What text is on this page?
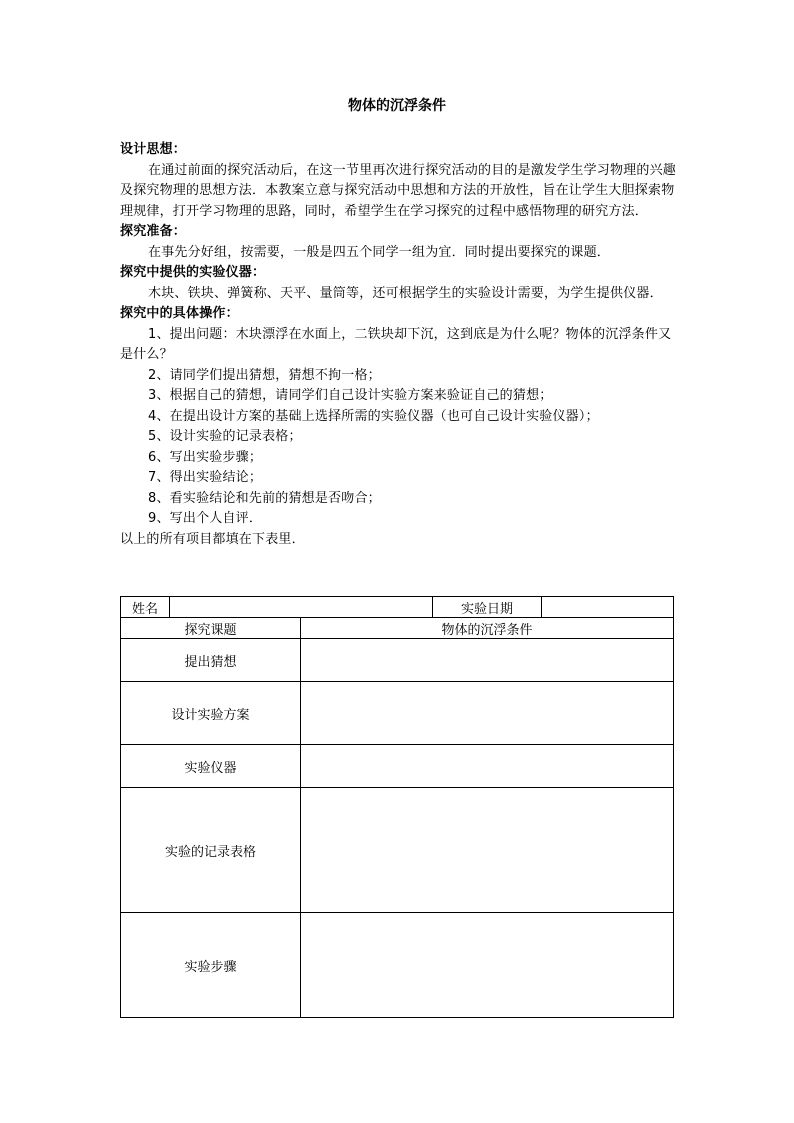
物体的沉浮条件

设计思想：

在通过前面的探究活动后，在这一节里再次进行探究活动的目的是激发学生学习物理的兴趣及探究物理的思想方法．本教案立意与探究活动中思想和方法的开放性，旨在让学生大胆探索物理规律，打开学习物理的思路，同时，希望学生在学习探究的过程中感悟物理的研究方法．

探究准备：

在事先分好组，按需要，一般是四五个同学一组为宜．同时提出要探究的课题．

探究中提供的实验仪器：

木块、铁块、弹簧称、天平、量筒等，还可根据学生的实验设计需要，为学生提供仪器．

探究中的具体操作：

1、提出问题：木块漂浮在水面上，二铁块却下沉，这到底是为什么呢？物体的沉浮条件又是什么？

2、请同学们提出猜想，猜想不拘一格；

3、根据自己的猜想，请同学们自己设计实验方案来验证自己的猜想；

4、在提出设计方案的基础上选择所需的实验仪器（也可自己设计实验仪器）；

5、设计实验的记录表格；

6、写出实验步骤；

7、得出实验结论；

8、看实验结论和先前的猜想是否吻合；

9、写出个人自评．

以上的所有项目都填在下表里．

姓名			实验日期	
探究课题		物体的沉浮条件		
提出猜想				
设计实验方案				
实验仪器				
实验的记录表格				
实验步骤				
